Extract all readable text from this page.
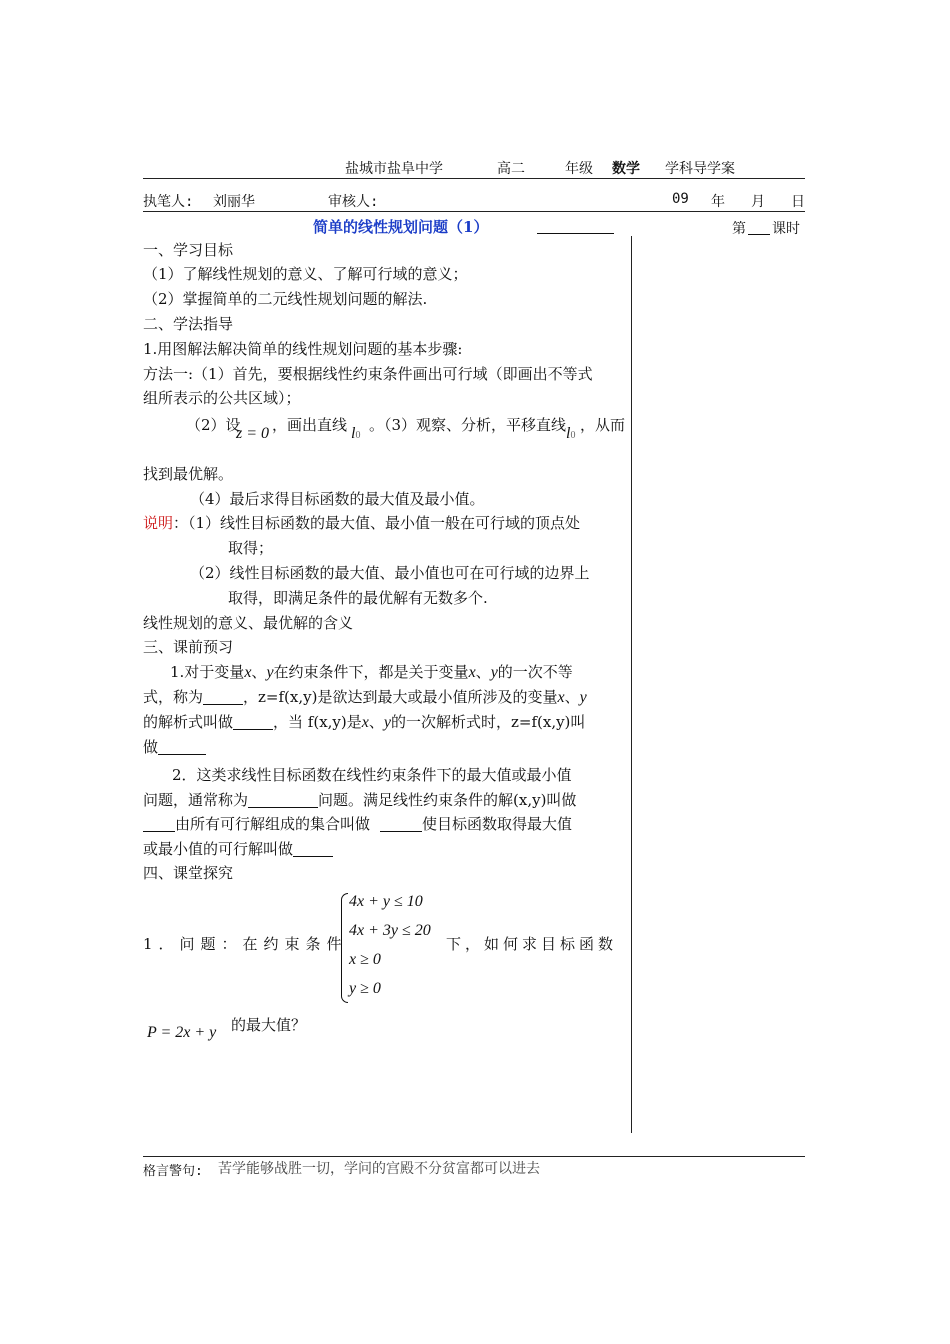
盐城市盐阜中学	高二	年级 数学 学科导学案
执笔人: 刘丽华	审核人:	09 年 月 日
简单的线性规划问题（1）	第 课时
一、学习目标
（1）了解线性规划的意义、了解可行域的意义；
（2）掌握简单的二元线性规划问题的解法.
二、学法指导
1.用图解法解决简单的线性规划问题的基本步骤:
方法一:（1）首先，要根据线性约束条件画出可行域（即画出不等式
组所表示的公共区域）；
（2）设
z = 0 ，画出直线 l0
。（3）观察、分析，平移直线 l0
，从而
找到最优解。
（4）最后求得目标函数的最大值及最小值。
说明：（1）线性目标函数的最大值、最小值一般在可行域的顶点处
取得；
（2）线性目标函数的最大值、最小值也可在可行域的边界上
取得，即满足条件的最优解有无数多个.
线性规划的意义、最优解的含义
三、课前预习
1.对于变量x、y在约束条件下，都是关于变量x、y的一次不等
式，称为	，z=f(x,y)是欲达到最大或最小值所涉及的变量x、y
的解析式叫做	，当 f(x,y)是x、y的一次解析式时，z=f(x,y)叫
做
2．这类求线性目标函数在线性约束条件下的最大值或最小值
问题，通常称为	问题。满足线性约束条件的解(x,y)叫做
由所有可行解组成的集合叫做	使目标函数取得最大值
或最小值的可行解叫做
四、课堂探究
1．问题：在约束条件
4x + y ≤ 10
4x + 3y ≤ 20
x ≥ 0
y ≥ 0
下，如何求目标函数
P = 2x + y 的最大值？
格言警句: 苦学能够战胜一切，学问的宫殿不分贫富都可以进去
